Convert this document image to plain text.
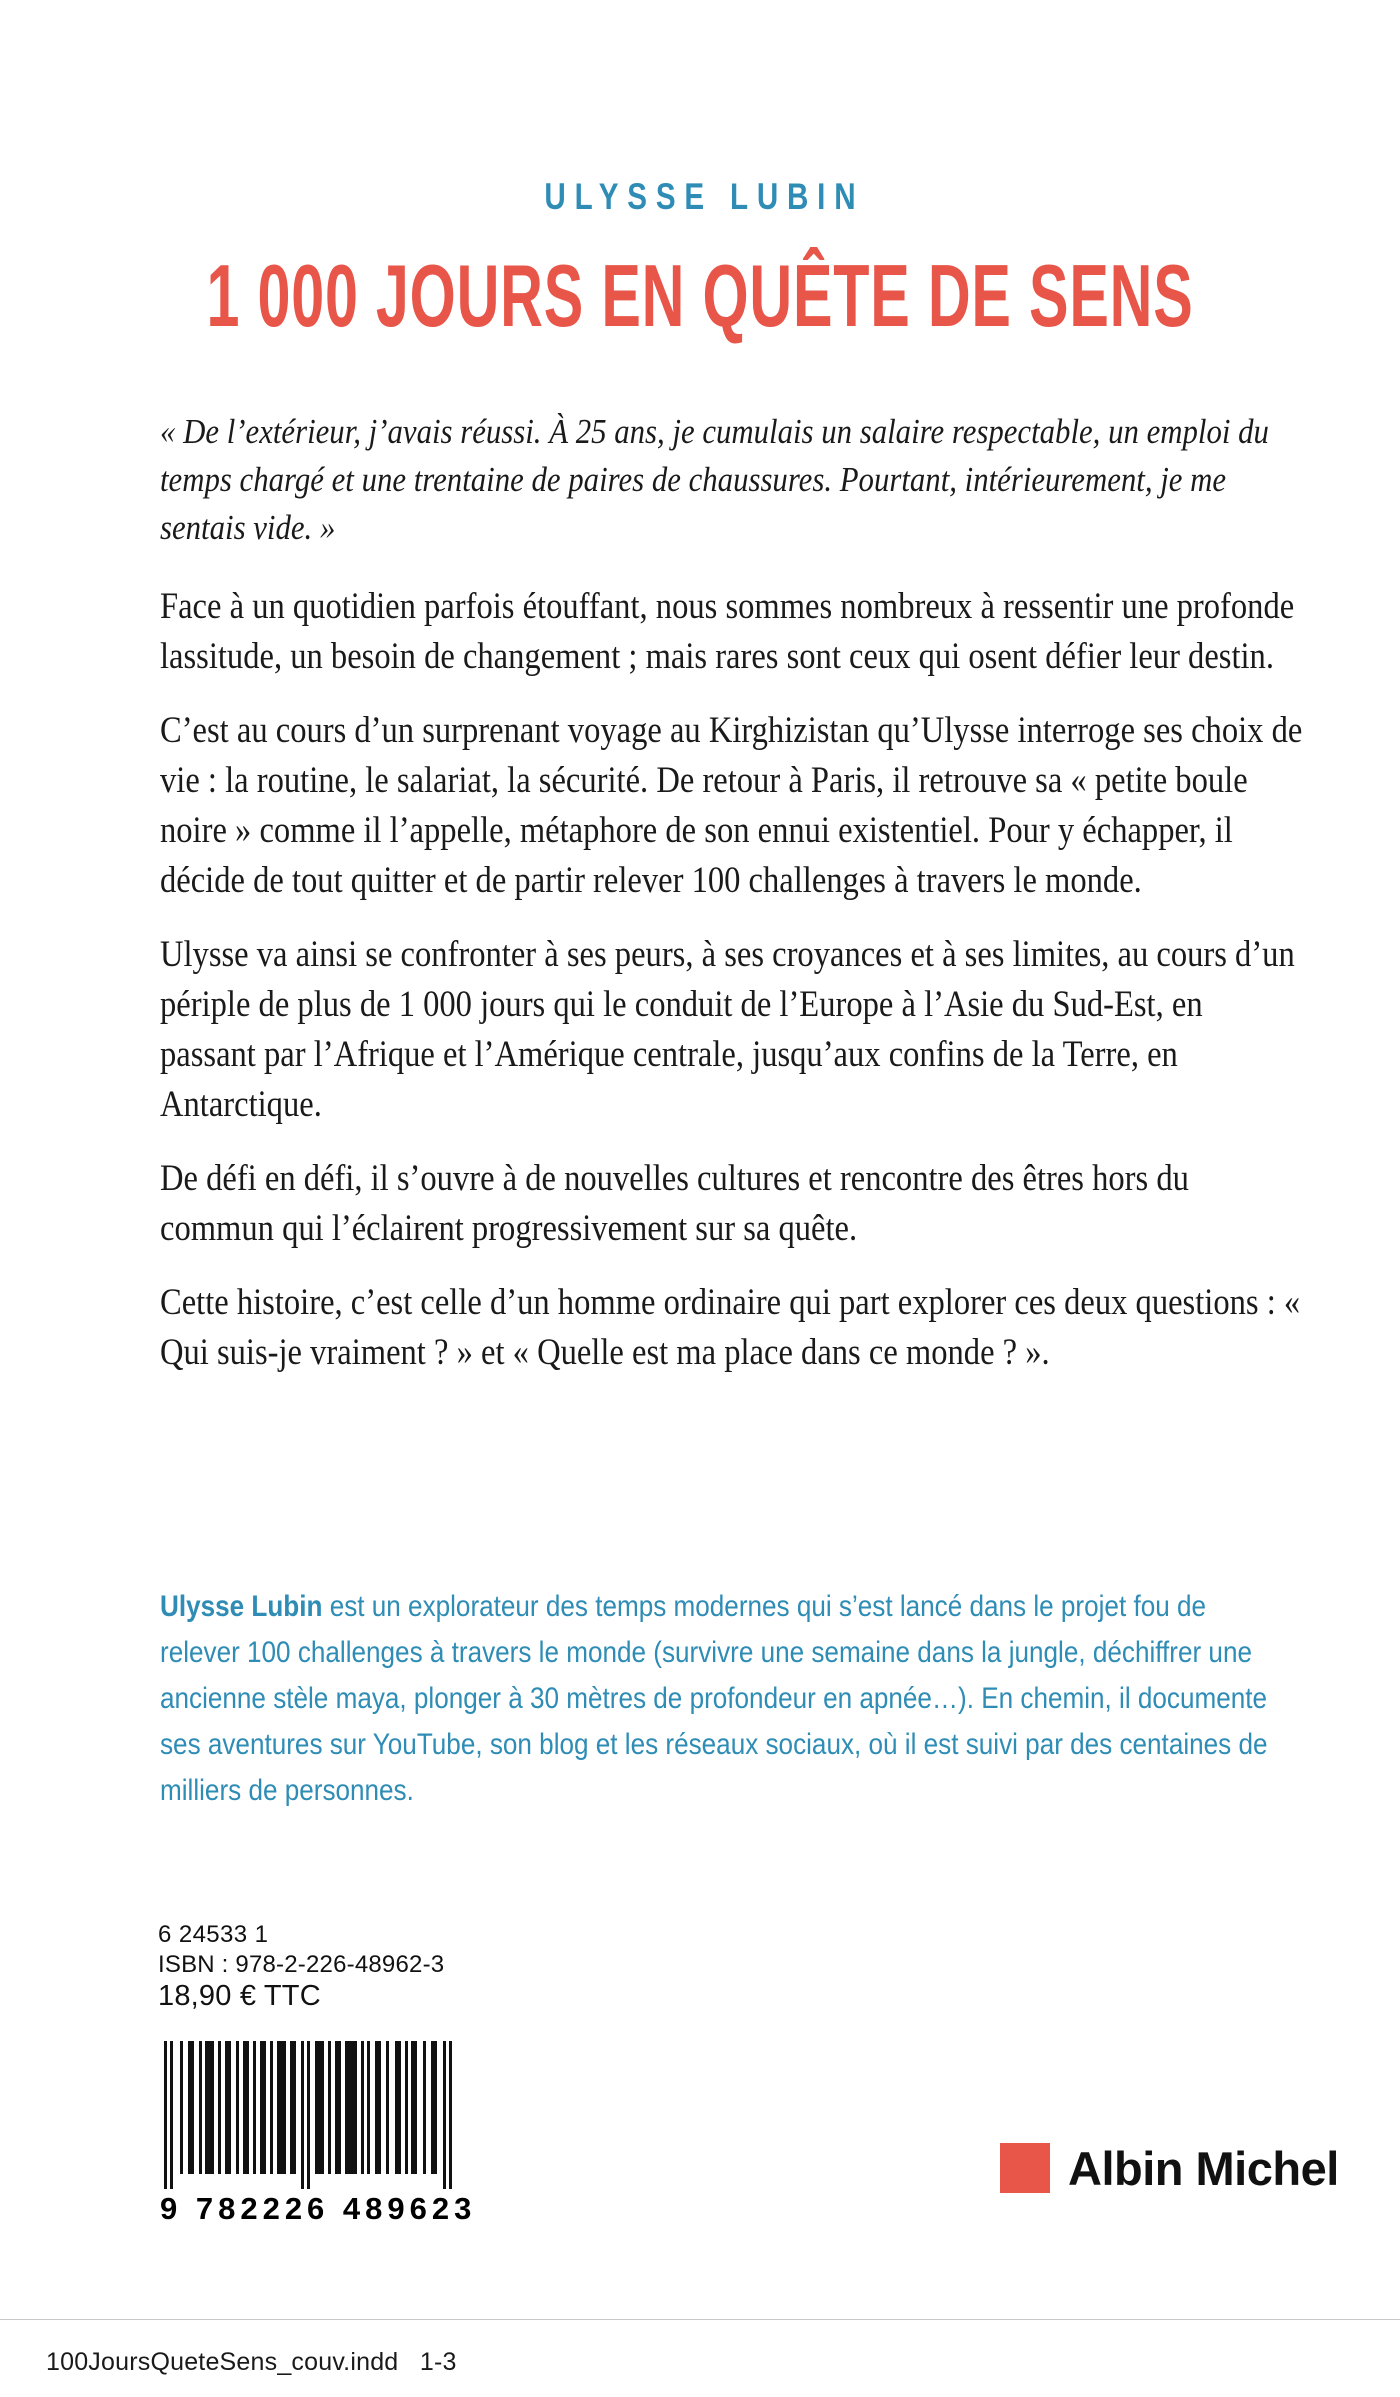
ULYSSE LUBIN
1 000 JOURS EN QUÊTE DE SENS

« De l’extérieur, j’avais réussi. À 25 ans, je cumulais un salaire respectable, un emploi du temps chargé et une trentaine de paires de chaussures. Pourtant, intérieurement, je me sentais vide. »

Face à un quotidien parfois étouffant, nous sommes nombreux à ressentir une profonde lassitude, un besoin de changement ; mais rares sont ceux qui osent défier leur destin.

C’est au cours d’un surprenant voyage au Kirghizistan qu’Ulysse interroge ses choix de vie : la routine, le salariat, la sécurité. De retour à Paris, il retrouve sa « petite boule noire » comme il l’appelle, métaphore de son ennui existentiel. Pour y échapper, il décide de tout quitter et de partir relever 100 challenges à travers le monde.

Ulysse va ainsi se confronter à ses peurs, à ses croyances et à ses limites, au cours d’un périple de plus de 1 000 jours qui le conduit de l’Europe à l’Asie du Sud-Est, en passant par l’Afrique et l’Amérique centrale, jusqu’aux confins de la Terre, en Antarctique.

De défi en défi, il s’ouvre à de nouvelles cultures et rencontre des êtres hors du commun qui l’éclairent progressivement sur sa quête.

Cette histoire, c’est celle d’un homme ordinaire qui part explorer ces deux questions : « Qui suis-je vraiment ? » et « Quelle est ma place dans ce monde ? ».

Ulysse Lubin est un explorateur des temps modernes qui s’est lancé dans le projet fou de relever 100 challenges à travers le monde (survivre une semaine dans la jungle, déchiffrer une ancienne stèle maya, plonger à 30 mètres de profondeur en apnée…). En chemin, il documente ses aventures sur YouTube, son blog et les réseaux sociaux, où il est suivi par des centaines de milliers de personnes.
6 24533 1
ISBN : 978-2-226-48962-3
18,90 € TTC
9 782226 489623
Albin Michel
100JoursQueteSens_couv.indd   1-3
